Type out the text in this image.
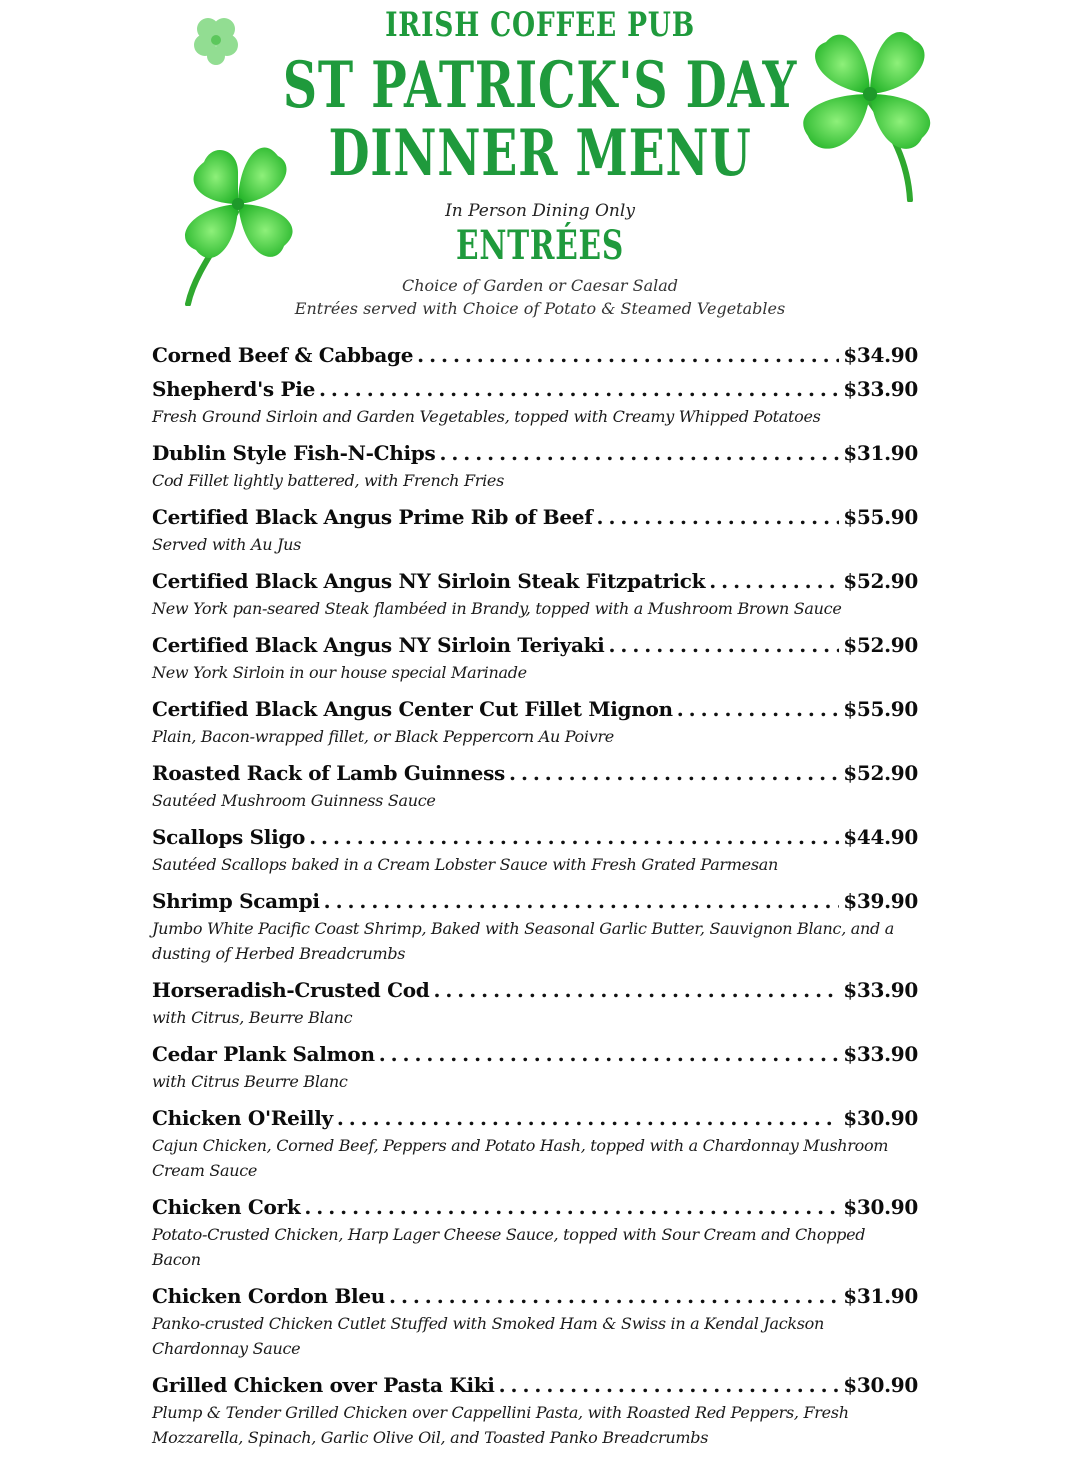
IRISH COFFEE PUB
ST PATRICK'S DAY
DINNER MENU
In Person Dining Only
ENTRÉES
Choice of Garden or Caesar Salad
Entrées served with Choice of Potato & Steamed Vegetables
Corned Beef & Cabbage . . .	$34.90
Shepherd's Pie . . .	$33.90
Fresh Ground Sirloin and Garden Vegetables, topped with Creamy Whipped Potatoes
Dublin Style Fish-N-Chips . . .	$31.90
Cod Fillet lightly battered, with French Fries
Certified Black Angus Prime Rib of Beef . . .	$55.90
Served with Au Jus
Certified Black Angus NY Sirloin Steak Fitzpatrick . . .	$52.90
New York pan-seared Steak flambéed in Brandy, topped with a Mushroom Brown Sauce
Certified Black Angus NY Sirloin Teriyaki . . .	$52.90
New York Sirloin in our house special Marinade
Certified Black Angus Center Cut Fillet Mignon . . .	$55.90
Plain, Bacon-wrapped fillet, or Black Peppercorn Au Poivre
Roasted Rack of Lamb Guinness . . .	$52.90
Sautéed Mushroom Guinness Sauce
Scallops Sligo . . .	$44.90
Sautéed Scallops baked in a Cream Lobster Sauce with Fresh Grated Parmesan
Shrimp Scampi . . .	$39.90
Jumbo White Pacific Coast Shrimp, Baked with Seasonal Garlic Butter, Sauvignon Blanc, and a dusting of Herbed Breadcrumbs
Horseradish-Crusted Cod . . .	$33.90
with Citrus, Beurre Blanc
Cedar Plank Salmon . . .	$33.90
with Citrus Beurre Blanc
Chicken O'Reilly . . .	$30.90
Cajun Chicken, Corned Beef, Peppers and Potato Hash, topped with a Chardonnay Mushroom Cream Sauce
Chicken Cork . . .	$30.90
Potato-Crusted Chicken, Harp Lager Cheese Sauce, topped with Sour Cream and Chopped Bacon
Chicken Cordon Bleu . . .	$31.90
Panko-crusted Chicken Cutlet Stuffed with Smoked Ham & Swiss in a Kendal Jackson Chardonnay Sauce
Grilled Chicken over Pasta Kiki . . .	$30.90
Plump & Tender Grilled Chicken over Cappellini Pasta, with Roasted Red Peppers, Fresh Mozzarella, Spinach, Garlic Olive Oil, and Toasted Panko Breadcrumbs
